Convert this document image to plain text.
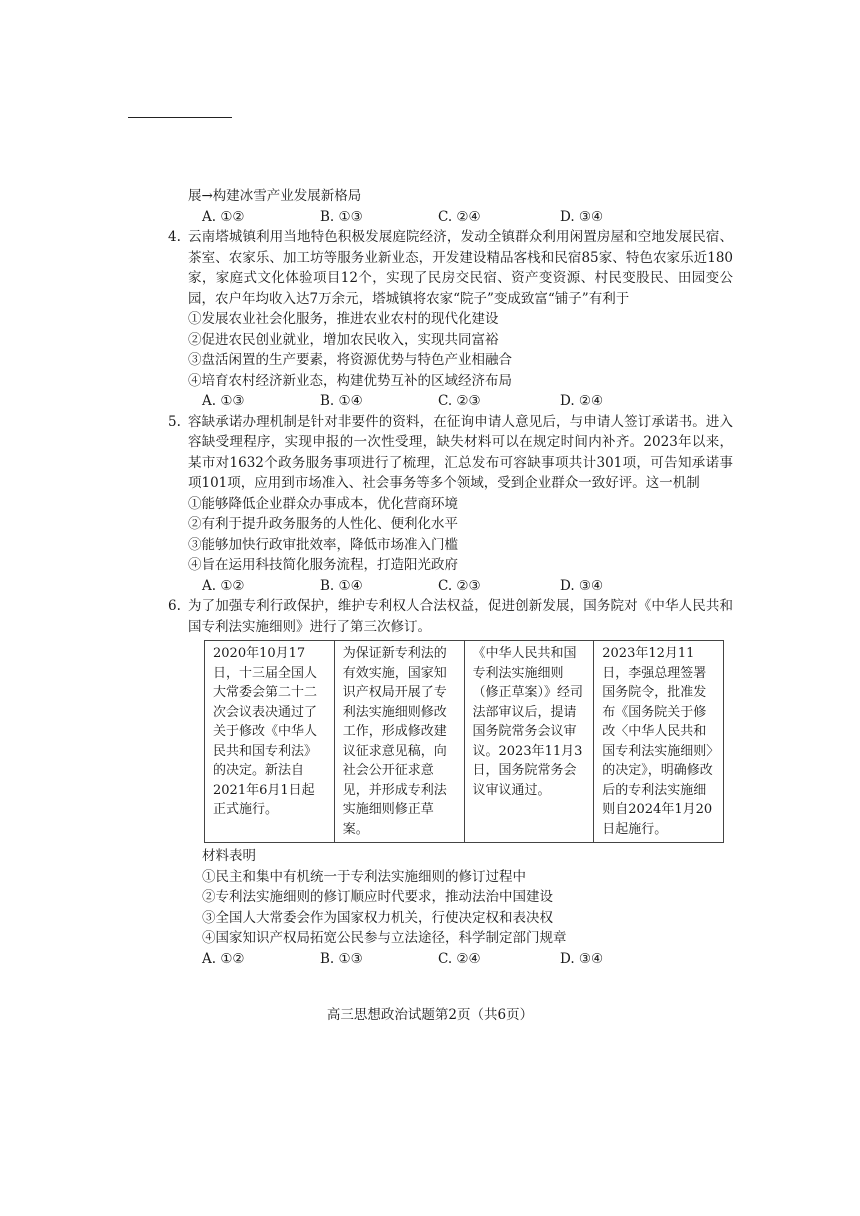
展→构建冰雪产业发展新格局
A. ①②	B. ①③	C. ②④	D. ③④
4. 云南塔城镇利用当地特色积极发展庭院经济，发动全镇群众利用闲置房屋和空地发展民宿、茶室、农家乐、加工坊等服务业新业态，开发建设精品客栈和民宿85家、特色农家乐近180家，家庭式文化体验项目12个，实现了民房交民宿、资产变资源、村民变股民、田园变公园，农户年均收入达7万余元，塔城镇将农家“院子”变成致富“铺子”有利于
①发展农业社会化服务，推进农业农村的现代化建设
②促进农民创业就业，增加农民收入，实现共同富裕
③盘活闲置的生产要素，将资源优势与特色产业相融合
④培育农村经济新业态，构建优势互补的区域经济布局
A. ①③	B. ①④	C. ②③	D. ②④
5. 容缺承诺办理机制是针对非要件的资料，在征询申请人意见后，与申请人签订承诺书。进入容缺受理程序，实现申报的一次性受理，缺失材料可以在规定时间内补齐。2023年以来，某市对1632个政务服务事项进行了梳理，汇总发布可容缺事项共计301项，可告知承诺事项101项，应用到市场准入、社会事务等多个领域，受到企业群众一致好评。这一机制
①能够降低企业群众办事成本，优化营商环境
②有利于提升政务服务的人性化、便利化水平
③能够加快行政审批效率，降低市场准入门槛
④旨在运用科技简化服务流程，打造阳光政府
A. ①②	B. ①④	C. ②③	D. ③④
6. 为了加强专利行政保护，维护专利权人合法权益，促进创新发展，国务院对《中华人民共和国专利法实施细则》进行了第三次修订。
2020年10月17日，十三届全国人大常委会第二十二次会议表决通过了关于修改《中华人民共和国专利法》的决定。新法自2021年6月1日起正式施行。	为保证新专利法的有效实施，国家知识产权局开展了专利法实施细则修改工作，形成修改建议征求意见稿，向社会公开征求意见，并形成专利法实施细则修正草案。	《中华人民共和国专利法实施细则（修正草案）》经司法部审议后，提请国务院常务会议审议。2023年11月3日，国务院常务会议审议通过。	2023年12月11日，李强总理签署国务院令，批准发布《国务院关于修改〈中华人民共和国专利法实施细则〉的决定》，明确修改后的专利法实施细则自2024年1月20日起施行。
材料表明
①民主和集中有机统一于专利法实施细则的修订过程中
②专利法实施细则的修订顺应时代要求，推动法治中国建设
③全国人大常委会作为国家权力机关，行使决定权和表决权
④国家知识产权局拓宽公民参与立法途径，科学制定部门规章
A. ①②	B. ①③	C. ②④	D. ③④
高三思想政治试题第2页（共6页）
